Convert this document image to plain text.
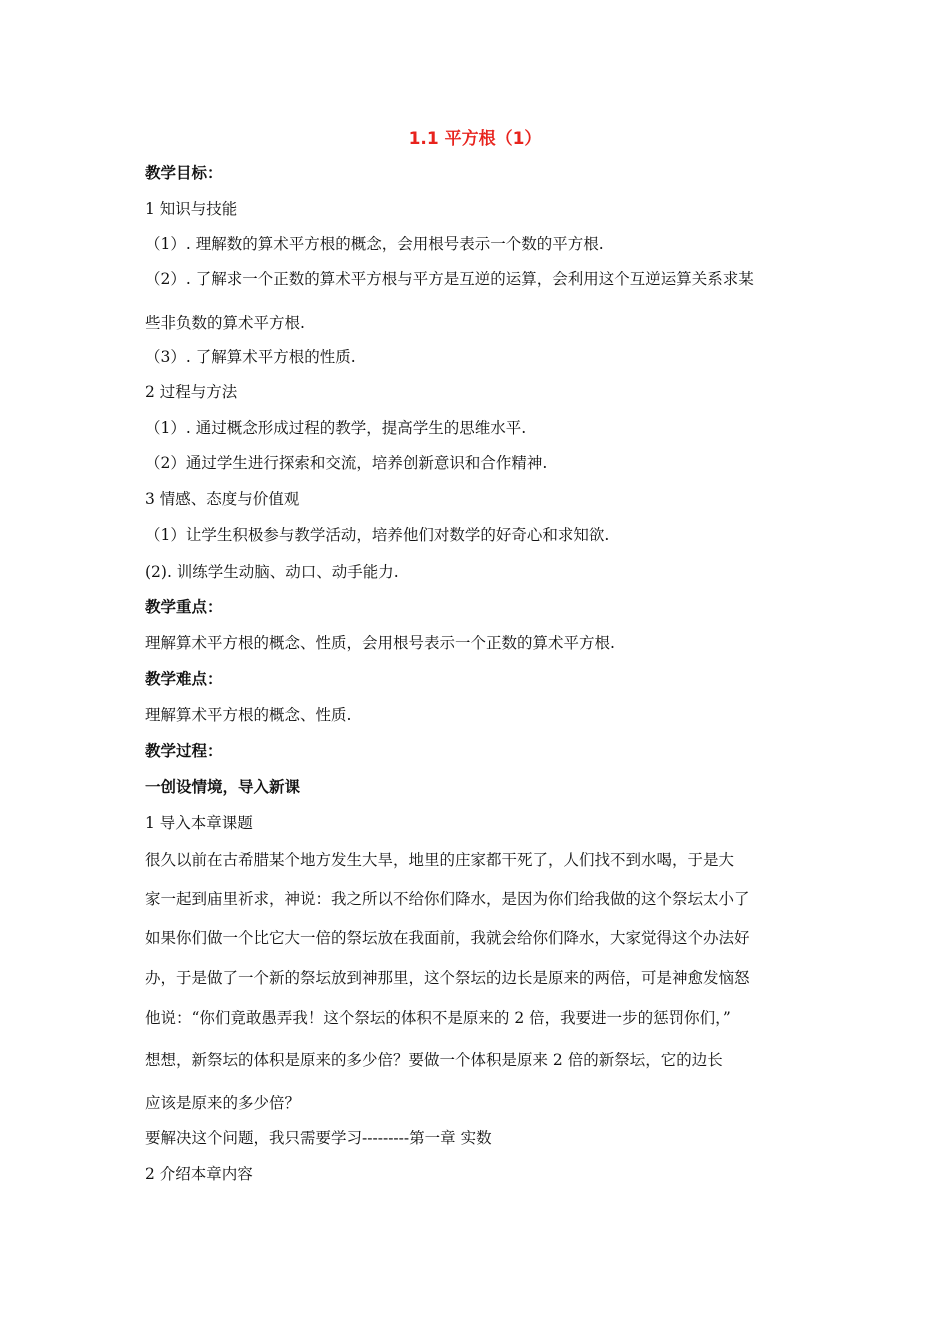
1.1 平方根（1）
教学目标：
1 知识与技能
（1）. 理解数的算术平方根的概念，会用根号表示一个数的平方根.
（2）. 了解求一个正数的算术平方根与平方是互逆的运算，会利用这个互逆运算关系求某
些非负数的算术平方根.
（3）. 了解算术平方根的性质.
2 过程与方法
（1）. 通过概念形成过程的教学，提高学生的思维水平.
（2）通过学生进行探索和交流，培养创新意识和合作精神.
3 情感、态度与价值观
（1）让学生积极参与教学活动，培养他们对数学的好奇心和求知欲.
(2). 训练学生动脑、动口、动手能力.
教学重点：
理解算术平方根的概念、性质，会用根号表示一个正数的算术平方根.
教学难点：
理解算术平方根的概念、性质.
教学过程：
一创设情境，导入新课
1 导入本章课题
很久以前在古希腊某个地方发生大旱，地里的庄家都干死了，人们找不到水喝，于是大
家一起到庙里祈求，神说：我之所以不给你们降水，是因为你们给我做的这个祭坛太小了
如果你们做一个比它大一倍的祭坛放在我面前，我就会给你们降水，大家觉得这个办法好
办，于是做了一个新的祭坛放到神那里，这个祭坛的边长是原来的两倍，可是神愈发恼怒
他说：“你们竟敢愚弄我！这个祭坛的体积不是原来的 2 倍，我要进一步的惩罚你们，”
想想，新祭坛的体积是原来的多少倍？要做一个体积是原来 2 倍的新祭坛，它的边长
应该是原来的多少倍？
要解决这个问题，我只需要学习---------第一章 实数
2 介绍本章内容
